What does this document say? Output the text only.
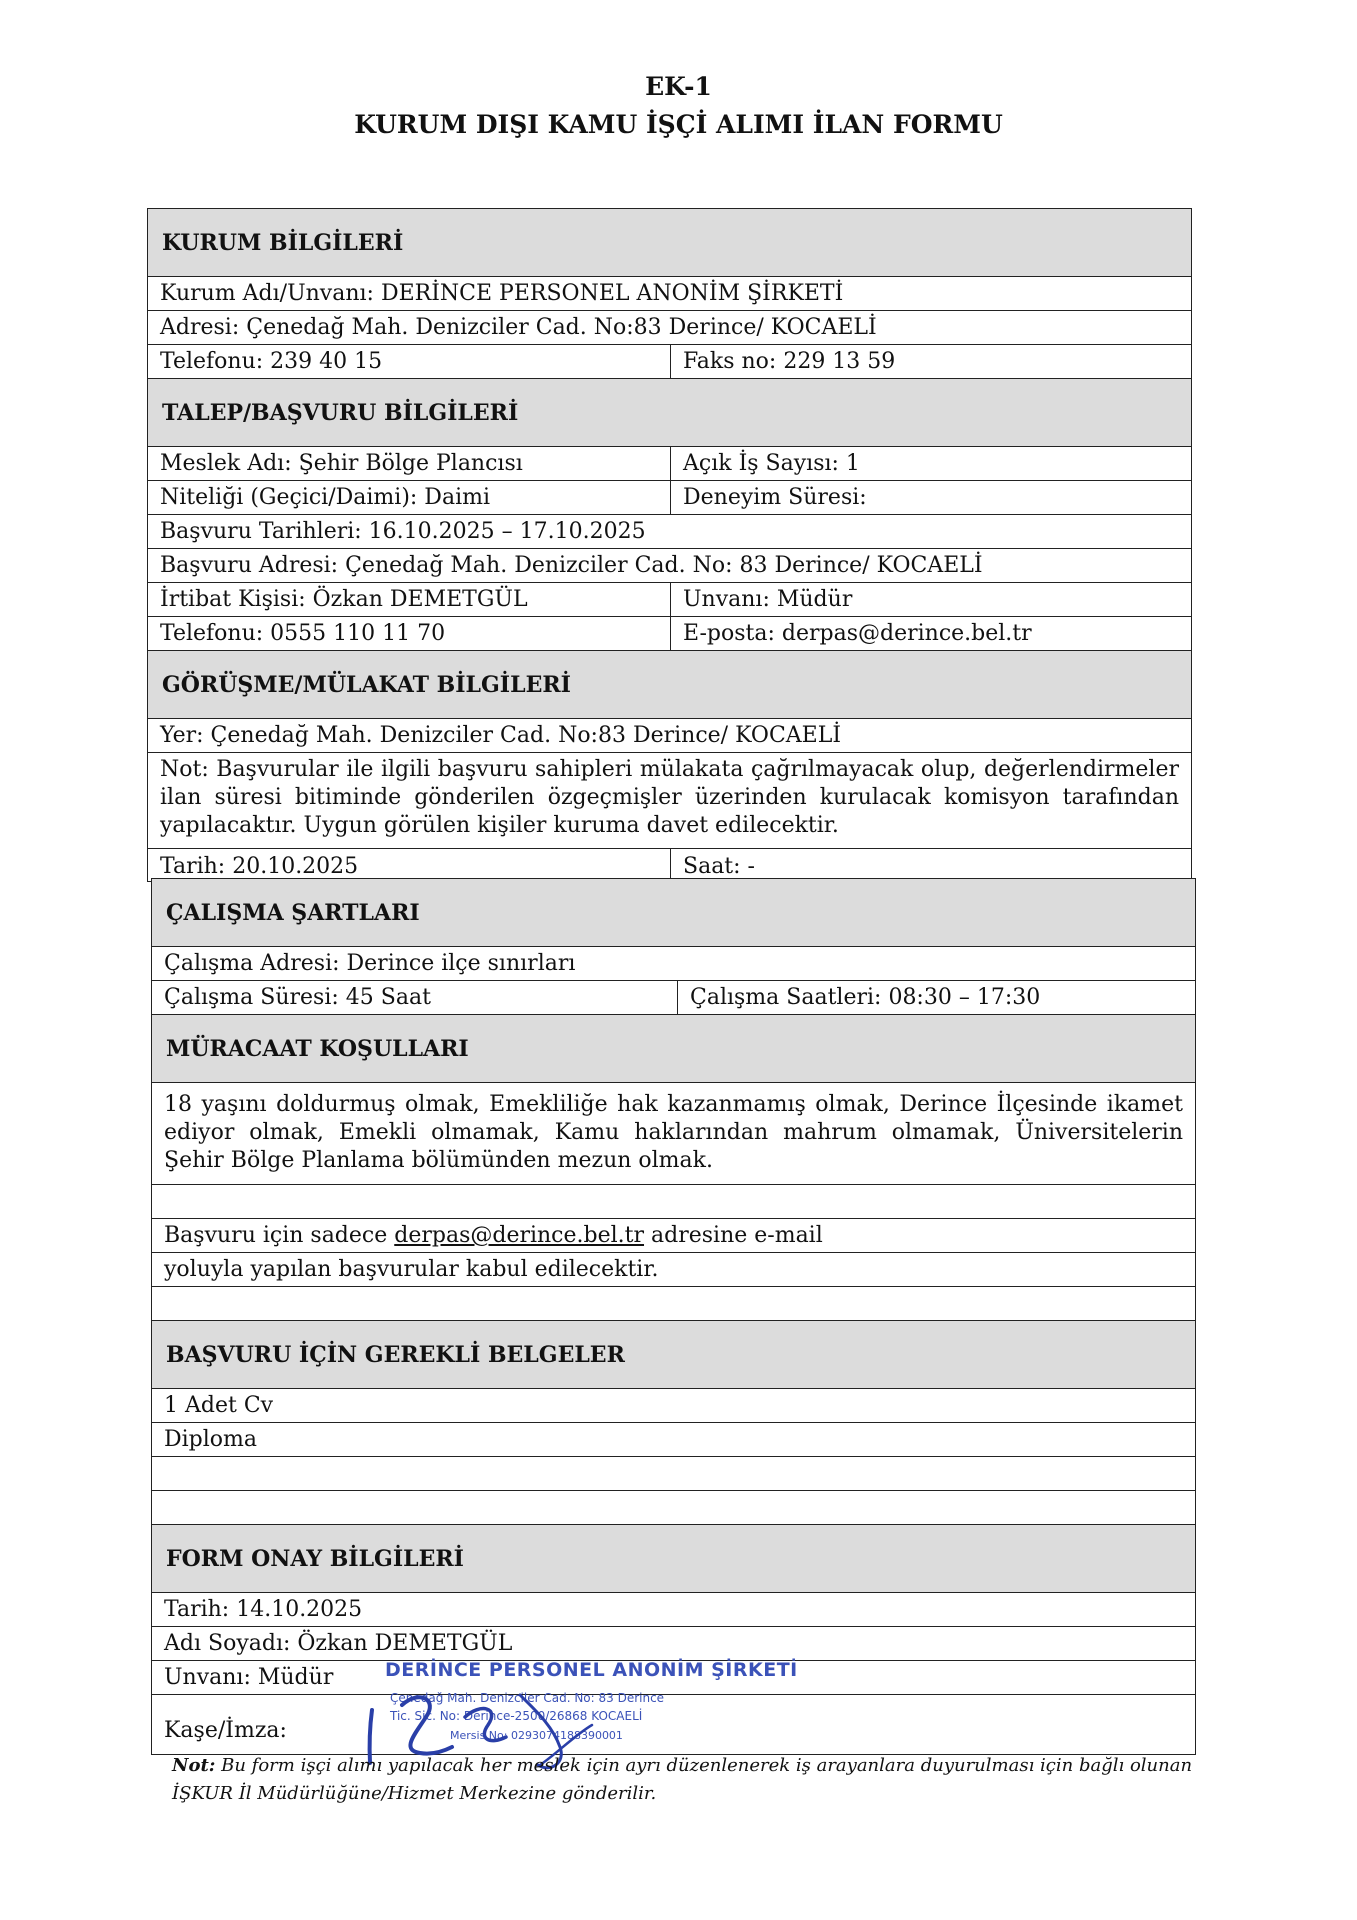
EK-1
KURUM DIŞI KAMU İŞÇİ ALIMI İLAN FORMU
KURUM BİLGİLERİ
Kurum Adı/Unvanı: DERİNCE PERSONEL ANONİM ŞİRKETİ
Adresi: Çenedağ Mah. Denizciler Cad. No:83 Derince/ KOCAELİ
Telefonu: 239 40 15	Faks no: 229 13 59
TALEP/BAŞVURU BİLGİLERİ
Meslek Adı: Şehir Bölge Plancısı	Açık İş Sayısı: 1
Niteliği (Geçici/Daimi): Daimi	Deneyim Süresi:
Başvuru Tarihleri: 16.10.2025 – 17.10.2025
Başvuru Adresi: Çenedağ Mah. Denizciler Cad. No: 83 Derince/ KOCAELİ
İrtibat Kişisi: Özkan DEMETGÜL	Unvanı: Müdür
Telefonu: 0555 110 11 70	E-posta: derpas@derince.bel.tr
GÖRÜŞME/MÜLAKAT BİLGİLERİ
Yer: Çenedağ Mah. Denizciler Cad. No:83 Derince/ KOCAELİ
Not: Başvurular ile ilgili başvuru sahipleri mülakata çağrılmayacak olup, değerlendirmeler ilan süresi bitiminde gönderilen özgeçmişler üzerinden kurulacak komisyon tarafından yapılacaktır. Uygun görülen kişiler kuruma davet edilecektir.
Tarih: 20.10.2025	Saat: -
ÇALIŞMA ŞARTLARI
Çalışma Adresi: Derince ilçe sınırları
Çalışma Süresi: 45 Saat	Çalışma Saatleri: 08:30 – 17:30
MÜRACAAT KOŞULLARI
18 yaşını doldurmuş olmak, Emekliliğe hak kazanmamış olmak, Derince İlçesinde ikamet ediyor olmak, Emekli olmamak, Kamu haklarından mahrum olmamak, Üniversitelerin Şehir Bölge Planlama bölümünden mezun olmak.
Başvuru için sadece derpas@derince.bel.tr adresine e-mail
yoluyla yapılan başvurular kabul edilecektir.
BAŞVURU İÇİN GEREKLİ BELGELER
1 Adet Cv
Diploma
FORM ONAY BİLGİLERİ
Tarih: 14.10.2025
Adı Soyadı: Özkan DEMETGÜL
Unvanı: Müdür
Kaşe/İmza:
DERİNCE PERSONEL ANONİM ŞİRKETİ
Çenedağ Mah. Denizciler Cad. No: 83 Derince
Tic. Sic. No: Derince-2500/26868 KOCAELİ
Mersis No: 0293074188390001
Not: Bu form işçi alımı yapılacak her meslek için ayrı düzenlenerek iş arayanlara duyurulması için bağlı olunan İŞKUR İl Müdürlüğüne/Hizmet Merkezine gönderilir.
